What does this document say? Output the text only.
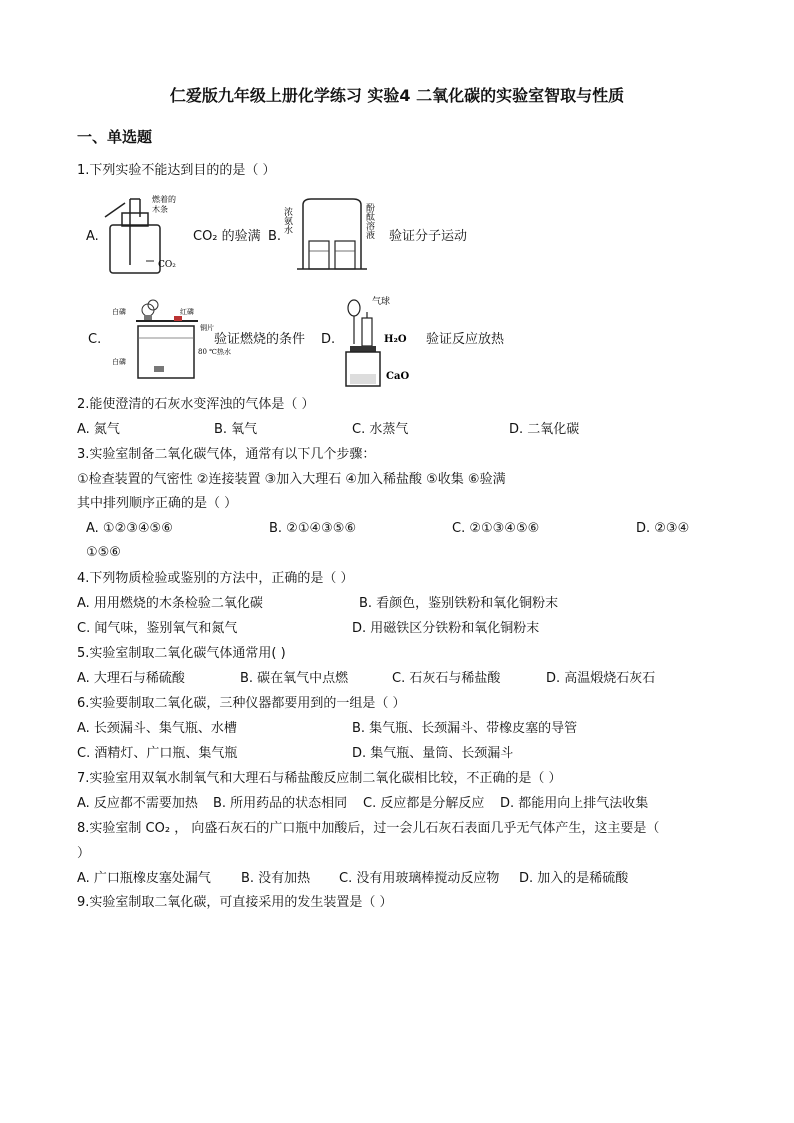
仁爱版九年级上册化学练习 实验4 二氧化碳的实验室智取与性质
一、单选题
1.下列实验不能达到目的的是（ ）
A.
燃着的
木条
CO₂
CO₂ 的验满 B.
浓氨水	酚酞溶液 验证分子运动
C.
白磷	红磷
铜片
80 ℃热水
白磷
验证燃烧的条件 D.
气球
H₂O
CaO
验证反应放热
2.能使澄清的石灰水变浑浊的气体是（ ）
A. 氮气	B. 氧气	C. 水蒸气	D. 二氧化碳
3.实验室制备二氧化碳气体，通常有以下几个步骤：
①检查装置的气密性 ②连接装置 ③加入大理石 ④加入稀盐酸 ⑤收集 ⑥验满
其中排列顺序正确的是（ ）
A. ①②③④⑤⑥	B. ②①④③⑤⑥	C. ②①③④⑤⑥	D. ②③④
①⑤⑥
4.下列物质检验或鉴别的方法中，正确的是（ ）
A. 用用燃烧的木条检验二氧化碳	B. 看颜色，鉴别铁粉和氧化铜粉末
C. 闻气味，鉴别氧气和氮气	D. 用磁铁区分铁粉和氧化铜粉末
5.实验室制取二氧化碳气体通常用( )
A. 大理石与稀硫酸	B. 碳在氧气中点燃	C. 石灰石与稀盐酸	D. 高温煅烧石灰石
6.实验要制取二氧化碳，三种仪器都要用到的一组是（ ）
A. 长颈漏斗、集气瓶、水槽	B. 集气瓶、长颈漏斗、带橡皮塞的导管
C. 酒精灯、广口瓶、集气瓶	D. 集气瓶、量筒、长颈漏斗
7.实验室用双氧水制氧气和大理石与稀盐酸反应制二氧化碳相比较，不正确的是（ ）
A. 反应都不需要加热 B. 所用药品的状态相同 C. 反应都是分解反应 D. 都能用向上排气法收集
8.实验室制 CO₂ ， 向盛石灰石的广口瓶中加酸后，过一会儿石灰石表面几乎无气体产生，这主要是（
）
A. 广口瓶橡皮塞处漏气 B. 没有加热 C. 没有用玻璃棒搅动反应物 D. 加入的是稀硫酸
9.实验室制取二氧化碳，可直接采用的发生装置是（ ）
